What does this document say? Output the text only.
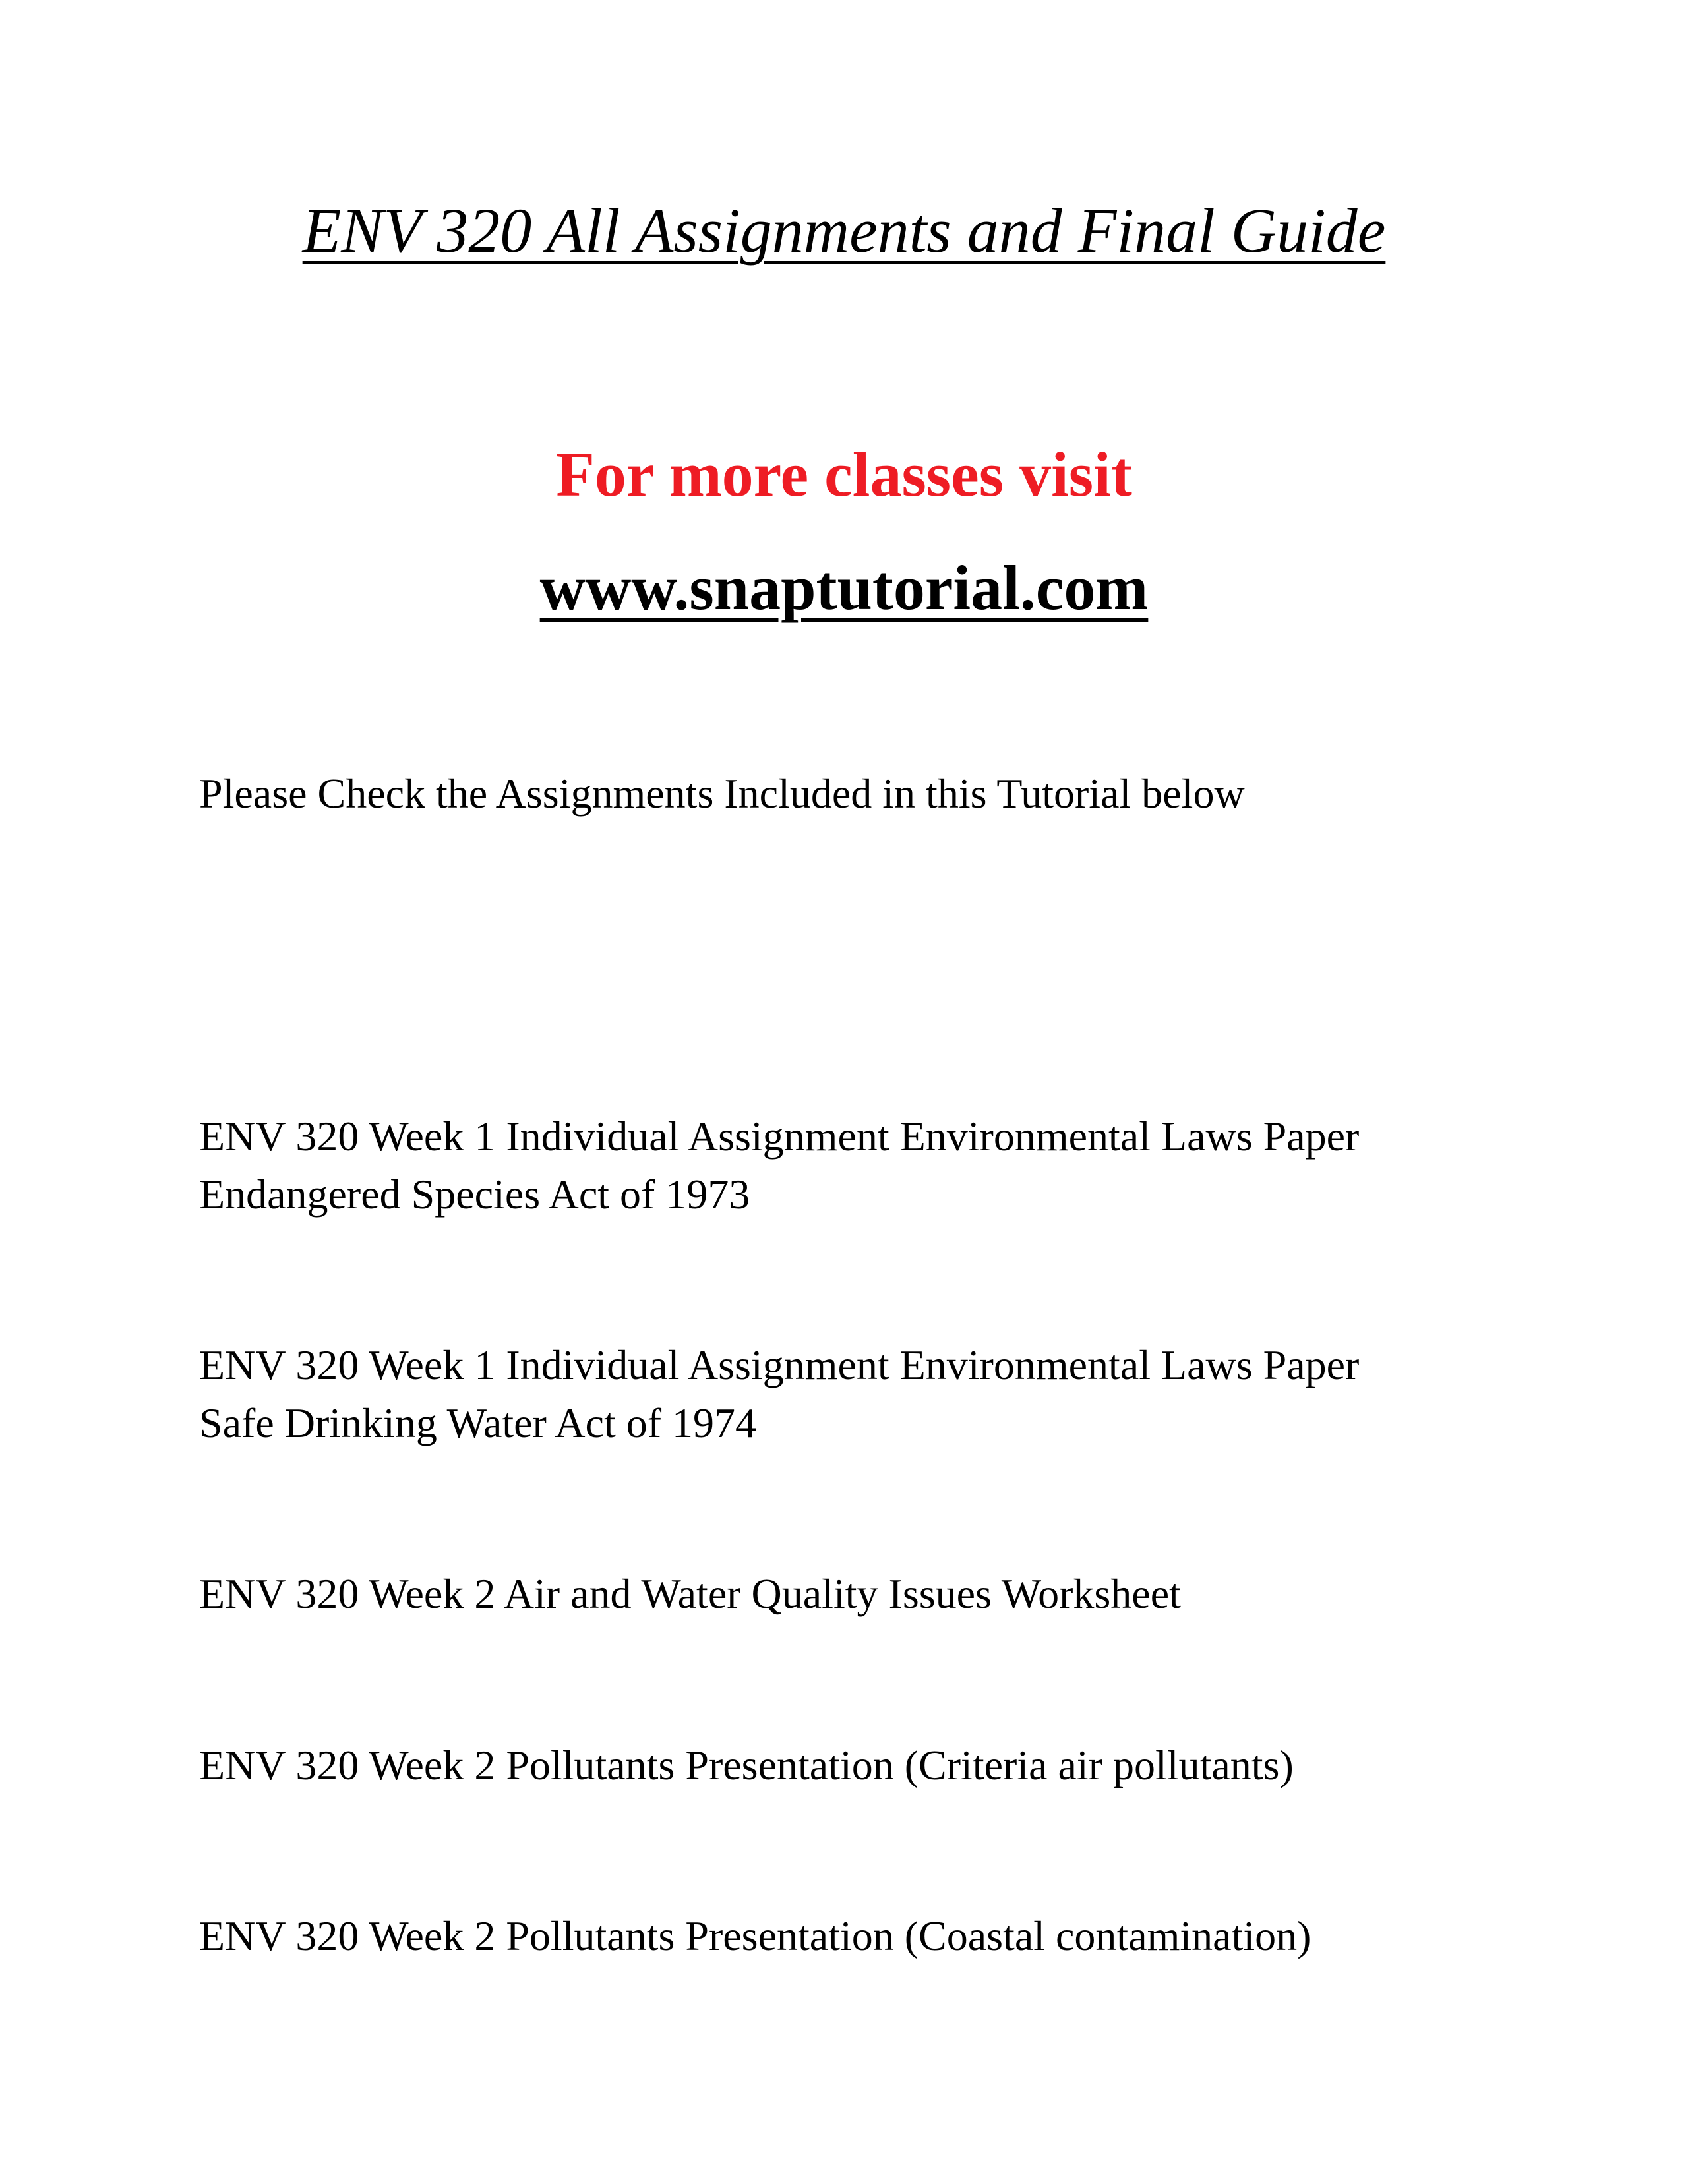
ENV 320 All Assignments and Final Guide
For more classes visit
www.snaptutorial.com
Please Check the Assignments Included in this Tutorial below
ENV 320 Week 1 Individual Assignment Environmental Laws Paper
Endangered Species Act of 1973
ENV 320 Week 1 Individual Assignment Environmental Laws Paper
Safe Drinking Water Act of 1974
ENV 320 Week 2 Air and Water Quality Issues Worksheet
ENV 320 Week 2 Pollutants Presentation (Criteria air pollutants)
ENV 320 Week 2 Pollutants Presentation (Coastal contamination)
